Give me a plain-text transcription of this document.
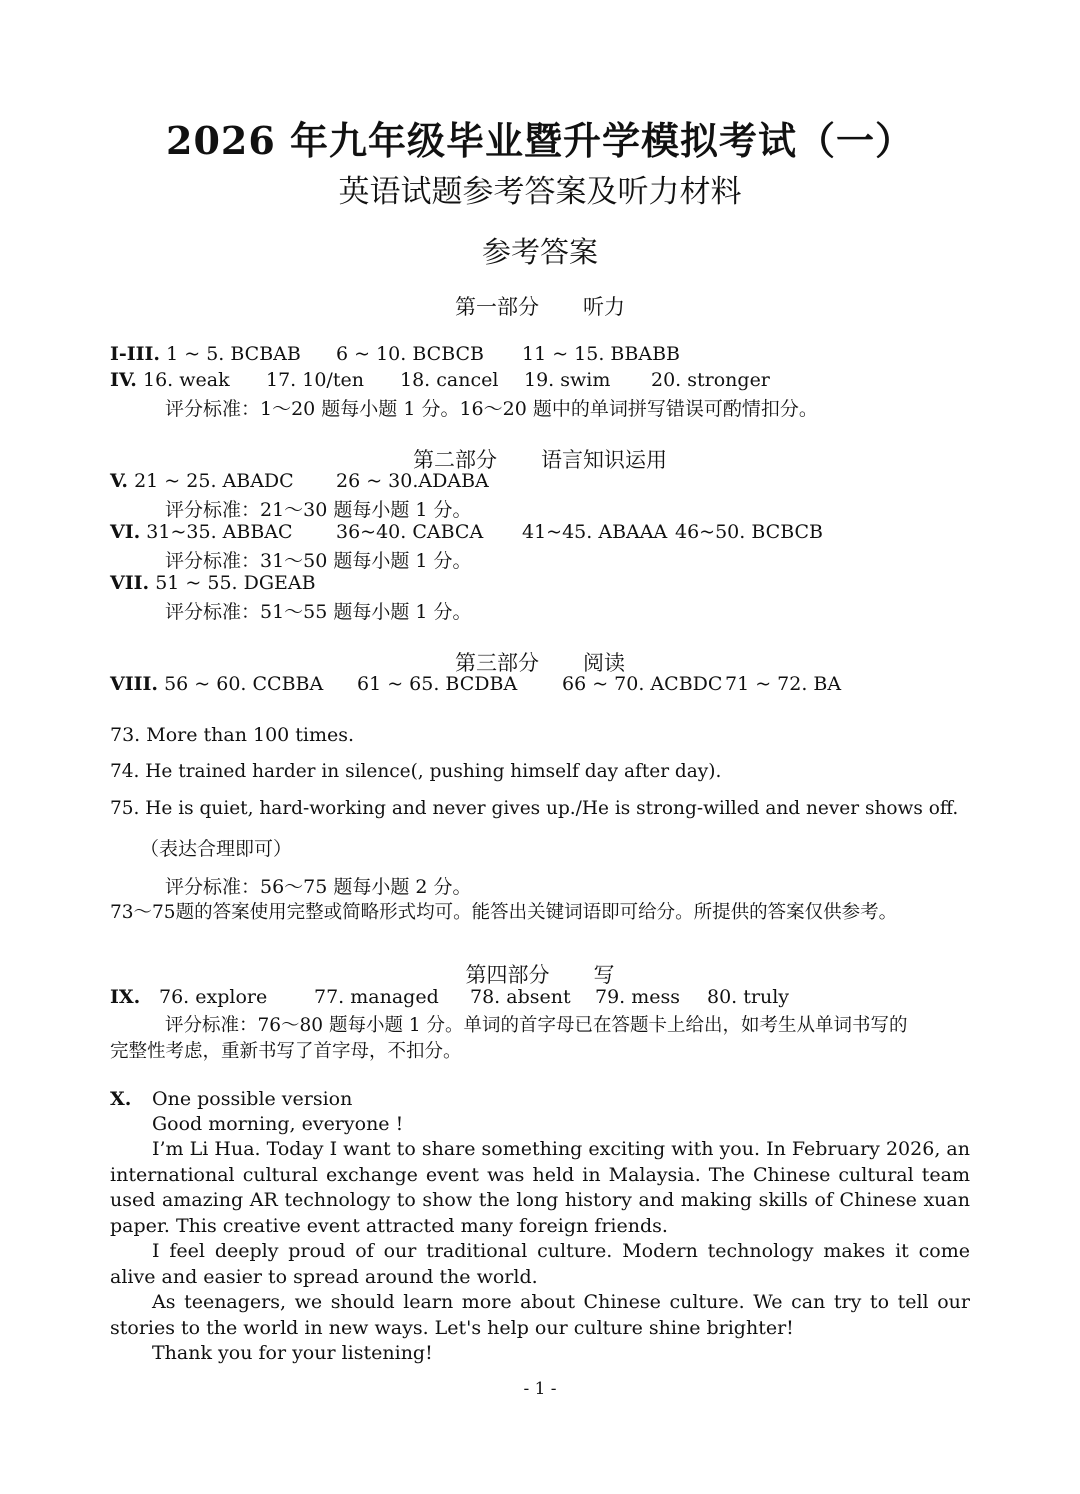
2026 年九年级毕业暨升学模拟考试（一）
英语试题参考答案及听力材料
参考答案
第一部分 听力
I-III. 1 ~ 5. BCBAB 6 ~ 10. BCBCB 11 ~ 15. BBABB
IV. 16. weak 17. 10/ten 18. cancel 19. swim 20. stronger
评分标准：1～20 题每小题 1 分。16～20 题中的单词拼写错误可酌情扣分。
第二部分 语言知识运用
V. 21 ~ 25. ABADC 26 ~ 30.ADABA
评分标准：21～30 题每小题 1 分。
VI. 31~35. ABBAC 36~40. CABCA 41~45. ABAAA 46~50. BCBCB
评分标准：31～50 题每小题 1 分。
VII. 51 ~ 55. DGEAB
评分标准：51～55 题每小题 1 分。
第三部分 阅读
VIII. 56 ~ 60. CCBBA 61 ~ 65. BCDBA 66 ~ 70. ACBDC 71 ~ 72. BA
73. More than 100 times.
74. He trained harder in silence(, pushing himself day after day).
75. He is quiet, hard-working and never gives up./He is strong-willed and never shows off.
（表达合理即可）
评分标准：56～75 题每小题 2 分。
73～75题的答案使用完整或简略形式均可。能答出关键词语即可给分。所提供的答案仅供参考。
第四部分 写
IX. 76. explore 77. managed 78. absent 79. mess 80. truly
评分标准：76～80 题每小题 1 分。单词的首字母已在答题卡上给出，如考生从单词书写的
完整性考虑，重新书写了首字母，不扣分。
X. One possible version
Good morning, everyone !
I’m Li Hua. Today I want to share something exciting with you. In February 2026, an international cultural exchange event was held in Malaysia. The Chinese cultural team used amazing AR technology to show the long history and making skills of Chinese xuan paper. This creative event attracted many foreign friends.
I feel deeply proud of our traditional culture. Modern technology makes it come alive and easier to spread around the world.
As teenagers, we should learn more about Chinese culture. We can try to tell our stories to the world in new ways. Let's help our culture shine brighter!
Thank you for your listening!
- 1 -
